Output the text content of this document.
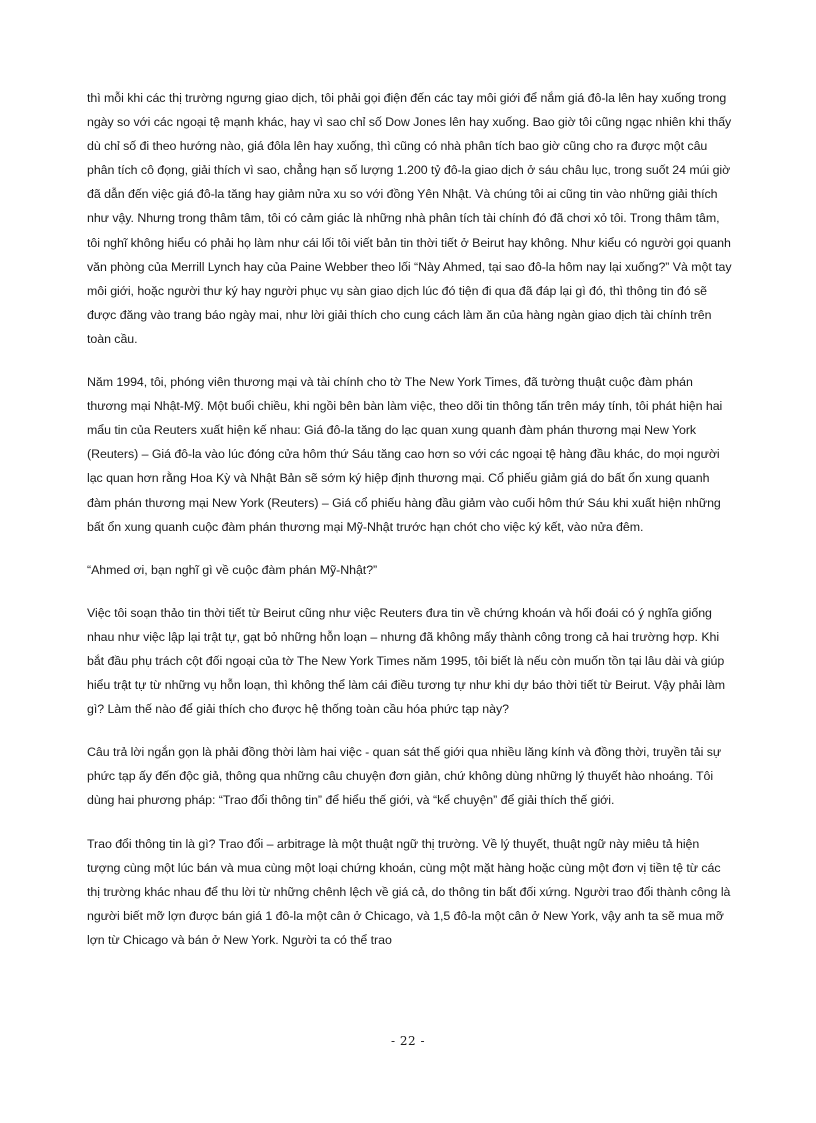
thì mỗi khi các thị trường ngưng giao dịch, tôi phải gọi điện đến các tay môi giới để nắm giá đô-la lên hay xuống trong ngày so với các ngoại tệ mạnh khác, hay vì sao chỉ số Dow Jones lên hay xuống. Bao giờ tôi cũng ngạc nhiên khi thấy dù chỉ số đi theo hướng nào, giá đôla lên hay xuống, thì cũng có nhà phân tích bao giờ cũng cho ra được một câu phân tích cô đọng, giải thích vì sao, chẳng hạn số lượng 1.200 tỷ đô-la giao dịch ở sáu châu lục, trong suốt 24 múi giờ đã dẫn đến việc giá đô-la tăng hay giảm nửa xu so với đồng Yên Nhật. Và chúng tôi ai cũng tin vào những giải thích như vậy. Nhưng trong thâm tâm, tôi có cảm giác là những nhà phân tích tài chính đó đã chơi xỏ tôi. Trong thâm tâm, tôi nghĩ không hiểu có phải họ làm như cái lối tôi viết bản tin thời tiết ở Beirut hay không. Như kiểu có người gọi quanh văn phòng của Merrill Lynch hay của Paine Webber theo lối “Này Ahmed, tại sao đô-la hôm nay lại xuống?” Và một tay môi giới, hoặc người thư ký hay người phục vụ sàn giao dịch lúc đó tiện đi qua đã đáp lại gì đó, thì thông tin đó sẽ được đăng vào trang báo ngày mai, như lời giải thích cho cung cách làm ăn của hàng ngàn giao dịch tài chính trên toàn cầu.

Năm 1994, tôi, phóng viên thương mại và tài chính cho tờ The New York Times, đã tường thuật cuộc đàm phán thương mại Nhật-Mỹ. Một buổi chiều, khi ngồi bên bàn làm việc, theo dõi tin thông tấn trên máy tính, tôi phát hiện hai mẩu tin của Reuters xuất hiện kế nhau: Giá đô-la tăng do lạc quan xung quanh đàm phán thương mại New York (Reuters) – Giá đô-la vào lúc đóng cửa hôm thứ Sáu tăng cao hơn so với các ngoại tệ hàng đầu khác, do mọi người lạc quan hơn rằng Hoa Kỳ và Nhật Bản sẽ sớm ký hiệp định thương mại. Cổ phiếu giảm giá do bất ổn xung quanh đàm phán thương mại New York (Reuters) – Giá cổ phiếu hàng đầu giảm vào cuối hôm thứ Sáu khi xuất hiện những bất ổn xung quanh cuộc đàm phán thương mại Mỹ-Nhật trước hạn chót cho việc ký kết, vào nửa đêm.

“Ahmed ơi, bạn nghĩ gì về cuộc đàm phán Mỹ-Nhật?”

Việc tôi soạn thảo tin thời tiết từ Beirut cũng như việc Reuters đưa tin về chứng khoán và hối đoái có ý nghĩa giống nhau như việc lập lại trật tự, gạt bỏ những hỗn loạn – nhưng đã không mấy thành công trong cả hai trường hợp. Khi bắt đầu phụ trách cột đối ngoại của tờ The New York Times năm 1995, tôi biết là nếu còn muốn tồn tại lâu dài và giúp hiểu trật tự từ những vụ hỗn loạn, thì không thể làm cái điều tương tự như khi dự báo thời tiết từ Beirut. Vậy phải làm gì? Làm thế nào để giải thích cho được hệ thống toàn cầu hóa phức tạp này?

Câu trả lời ngắn gọn là phải đồng thời làm hai việc - quan sát thế giới qua nhiều lăng kính và đồng thời, truyền tải sự phức tạp ấy đến độc giả, thông qua những câu chuyện đơn giản, chứ không dùng những lý thuyết hào nhoáng. Tôi dùng hai phương pháp: “Trao đổi thông tin” để hiểu thế giới, và “kể chuyện” để giải thích thế giới.

Trao đổi thông tin là gì? Trao đổi – arbitrage là một thuật ngữ thị trường. Về lý thuyết, thuật ngữ này miêu tả hiện tượng cùng một lúc bán và mua cùng một loại chứng khoán, cùng một mặt hàng hoặc cùng một đơn vị tiền tệ từ các thị trường khác nhau để thu lời từ những chênh lệch về giá cả, do thông tin bất đối xứng. Người trao đổi thành công là người biết mỡ lợn được bán giá 1 đô-la một cân ở Chicago, và 1,5 đô-la một cân ở New York, vậy anh ta sẽ mua mỡ lợn từ Chicago và bán ở New York. Người ta có thể trao

- 22 -
